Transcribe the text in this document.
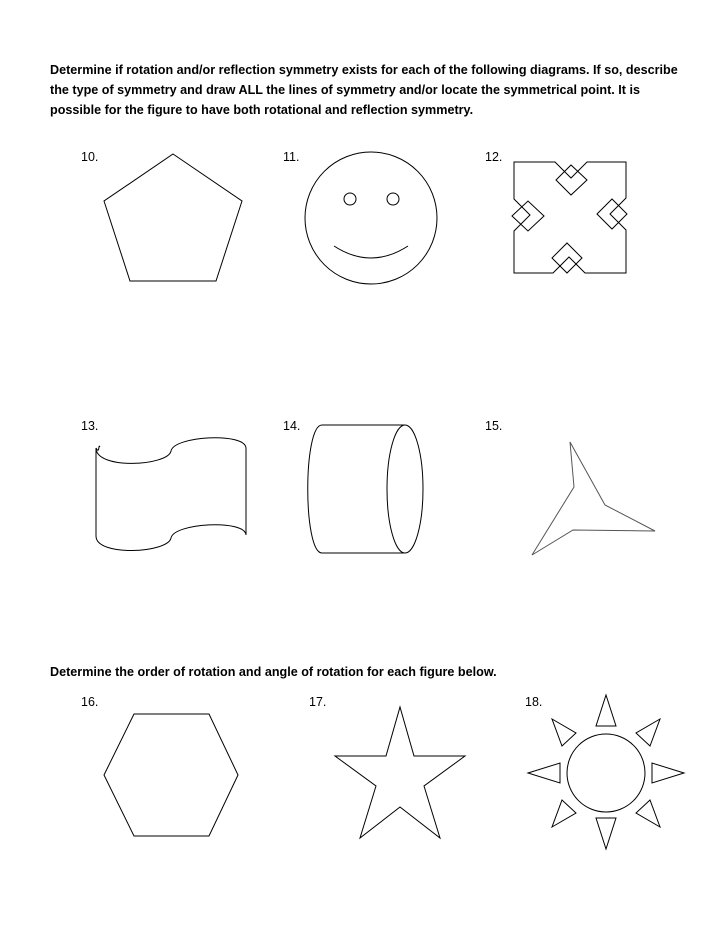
Determine if rotation and/or reflection symmetry exists for each of the following diagrams. If so, describe the type of symmetry and draw ALL the lines of symmetry and/or locate the symmetrical point. It is possible for the figure to have both rotational and reflection symmetry.
Determine the order of rotation and angle of rotation for each figure below.
10.	11.	12.
13.	14.	15.
16.	17.	18.
